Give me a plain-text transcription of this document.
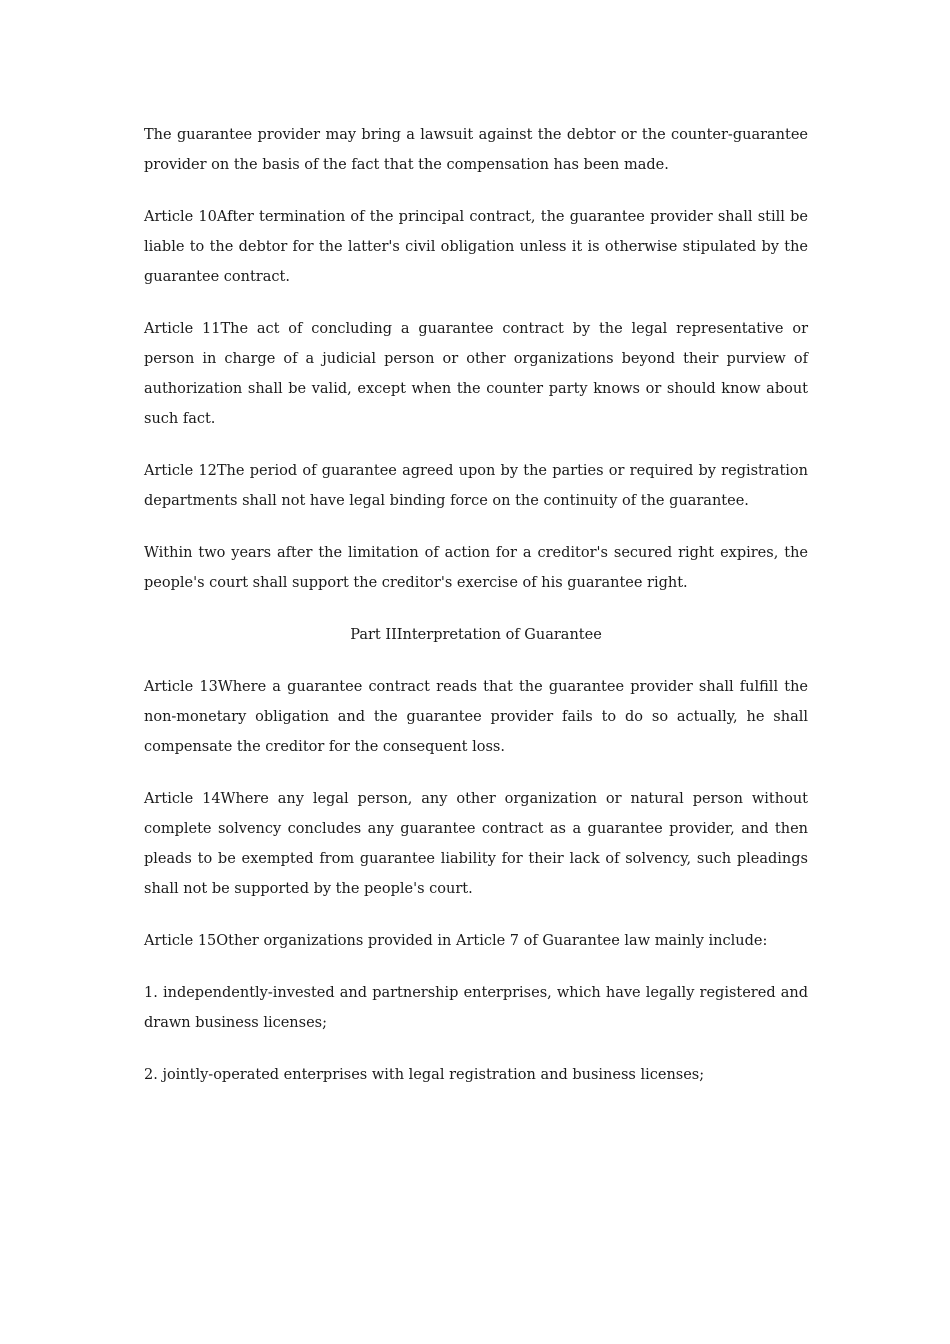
The guarantee provider may bring a lawsuit against the debtor or the counter-guarantee provider on the basis of the fact that the compensation has been made.

Article 10After termination of the principal contract, the guarantee provider shall still be liable to the debtor for the latter's civil obligation unless it is otherwise stipulated by the guarantee contract.

Article 11The act of concluding a guarantee contract by the legal representative or person in charge of a judicial person or other organizations beyond their purview of authorization shall be valid, except when the counter party knows or should know about such fact.

Article 12The period of guarantee agreed upon by the parties or required by registration departments shall not have legal binding force on the continuity of the guarantee.

Within two years after the limitation of action for a creditor's secured right expires, the people's court shall support the creditor's exercise of his guarantee right.

Part IIInterpretation of Guarantee

Article 13Where a guarantee contract reads that the guarantee provider shall fulfill the non-monetary obligation and the guarantee provider fails to do so actually, he shall compensate the creditor for the consequent loss.

Article 14Where any legal person, any other organization or natural person without complete solvency concludes any guarantee contract as a guarantee provider, and then pleads to be exempted from guarantee liability for their lack of solvency, such pleadings shall not be supported by the people's court.

Article 15Other organizations provided in Article 7 of Guarantee law mainly include:

1. independently-invested and partnership enterprises, which have legally registered and drawn business licenses;

2. jointly-operated enterprises with legal registration and business licenses;
